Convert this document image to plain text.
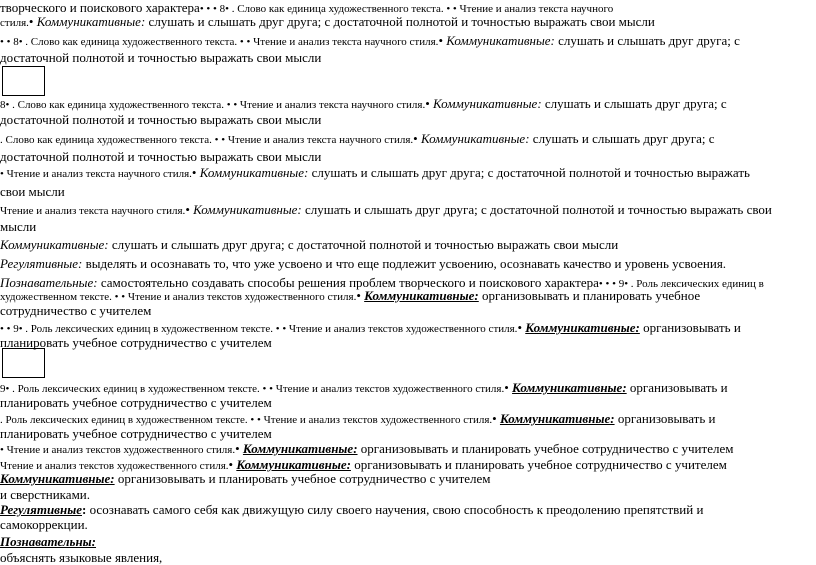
творческого и поискового характера• • • 8• . Слово как единица художественного текста. • • Чтение и анализ текста научного
стиля.• Коммуникативные: слушать и слышать друг друга; с достаточной полнотой и точностью выражать свои мысли
• • 8• . Слово как единица художественного текста. • • Чтение и анализ текста научного стиля.• Коммуникативные: слушать и слышать друг друга; с
достаточной полнотой и точностью выражать свои мысли
8• . Слово как единица художественного текста. • • Чтение и анализ текста научного стиля.• Коммуникативные: слушать и слышать друг друга; с
достаточной полнотой и точностью выражать свои мысли
. Слово как единица художественного текста. • • Чтение и анализ текста научного стиля.• Коммуникативные: слушать и слышать друг друга; с
достаточной полнотой и точностью выражать свои мысли
• Чтение и анализ текста научного стиля.• Коммуникативные: слушать и слышать друг друга; с достаточной полнотой и точностью выражать
свои мысли
Чтение и анализ текста научного стиля.• Коммуникативные: слушать и слышать друг друга; с достаточной полнотой и точностью выражать свои
мысли
Коммуникативные: слушать и слышать друг друга; с достаточной полнотой и точностью выражать свои мысли
Регулятивные: выделять и осознавать то, что уже усвоено и что еще подлежит усвоению, осознавать качество и уровень усвоения.
Познавательные: самостоятельно создавать способы решения проблем творческого и поискового характера• • • 9• . Роль лексических единиц в
художественном тексте. • • Чтение и анализ текстов художественного стиля.• Коммуникативные: организовывать и планировать учебное
сотрудничество с учителем
• • 9• . Роль лексических единиц в художественном тексте. • • Чтение и анализ текстов художественного стиля.• Коммуникативные: организовывать и
планировать учебное сотрудничество с учителем
9• . Роль лексических единиц в художественном тексте. • • Чтение и анализ текстов художественного стиля.• Коммуникативные: организовывать и
планировать учебное сотрудничество с учителем
. Роль лексических единиц в художественном тексте. • • Чтение и анализ текстов художественного стиля.• Коммуникативные: организовывать и
планировать учебное сотрудничество с учителем
• Чтение и анализ текстов художественного стиля.• Коммуникативные: организовывать и планировать учебное сотрудничество с учителем
Чтение и анализ текстов художественного стиля.• Коммуникативные: организовывать и планировать учебное сотрудничество с учителем
Коммуникативные: организовывать и планировать учебное сотрудничество с учителем
и сверстниками.
Регулятивные: осознавать самого себя как движущую силу своего научения, свою способность к преодолению препятствий и
самокоррекции.
Познавательны:
объяснять языковые явления,
